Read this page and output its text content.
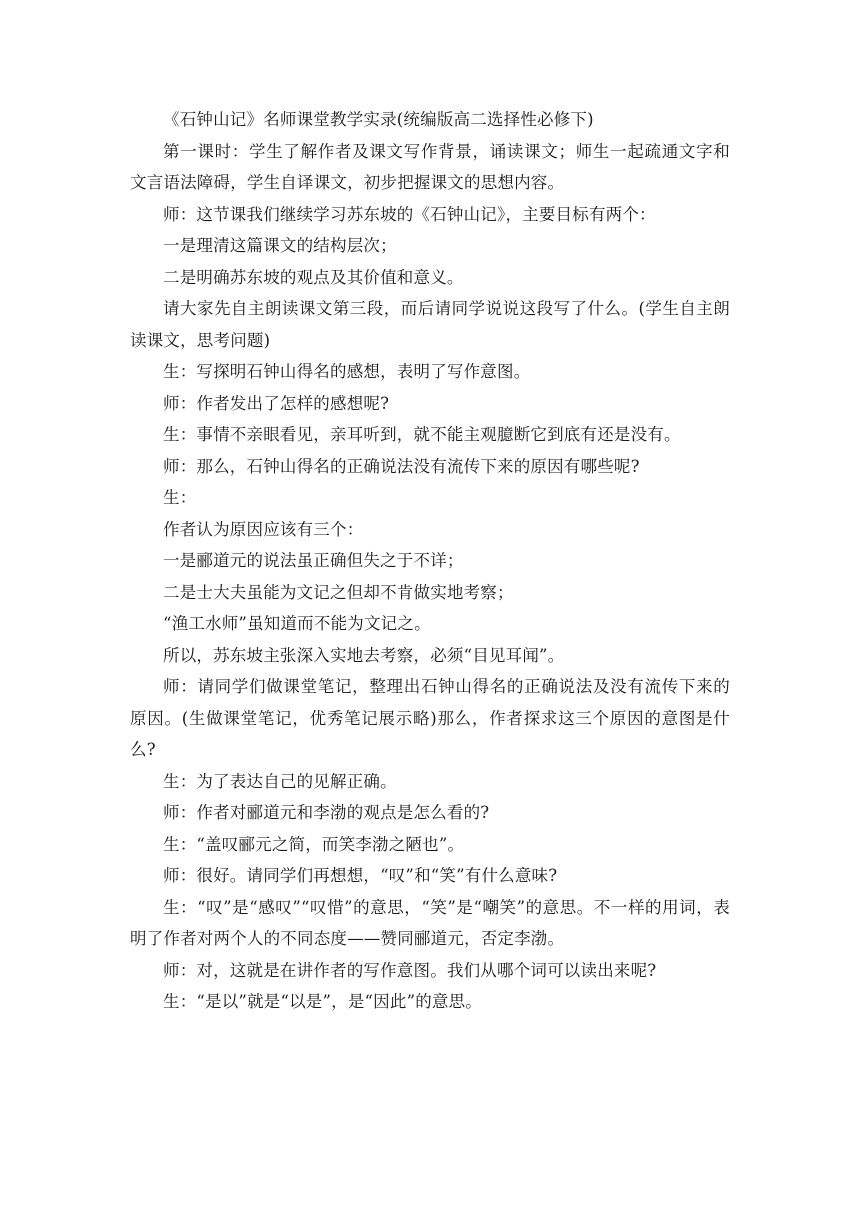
《石钟山记》名师课堂教学实录(统编版高二选择性必修下)

第一课时：学生了解作者及课文写作背景，诵读课文；师生一起疏通文字和文言语法障碍，学生自译课文，初步把握课文的思想内容。

师：这节课我们继续学习苏东坡的《石钟山记》，主要目标有两个：

一是理清这篇课文的结构层次；

二是明确苏东坡的观点及其价值和意义。

请大家先自主朗读课文第三段，而后请同学说说这段写了什么。(学生自主朗读课文，思考问题)

生：写探明石钟山得名的感想，表明了写作意图。

师：作者发出了怎样的感想呢?

生：事情不亲眼看见，亲耳听到，就不能主观臆断它到底有还是没有。

师：那么，石钟山得名的正确说法没有流传下来的原因有哪些呢?

生：

作者认为原因应该有三个：

一是郦道元的说法虽正确但失之于不详；

二是士大夫虽能为文记之但却不肯做实地考察；

“渔工水师”虽知道而不能为文记之。

所以，苏东坡主张深入实地去考察，必须“目见耳闻”。

师：请同学们做课堂笔记，整理出石钟山得名的正确说法及没有流传下来的原因。(生做课堂笔记，优秀笔记展示略)那么，作者探求这三个原因的意图是什么?

生：为了表达自己的见解正确。

师：作者对郦道元和李渤的观点是怎么看的?

生：“盖叹郦元之简，而笑李渤之陋也”。

师：很好。请同学们再想想，“叹”和“笑”有什么意味?

生：“叹”是“感叹”“叹惜”的意思，“笑”是“嘲笑”的意思。不一样的用词，表明了作者对两个人的不同态度——赞同郦道元，否定李渤。

师：对，这就是在讲作者的写作意图。我们从哪个词可以读出来呢?

生：“是以”就是“以是”，是“因此”的意思。
